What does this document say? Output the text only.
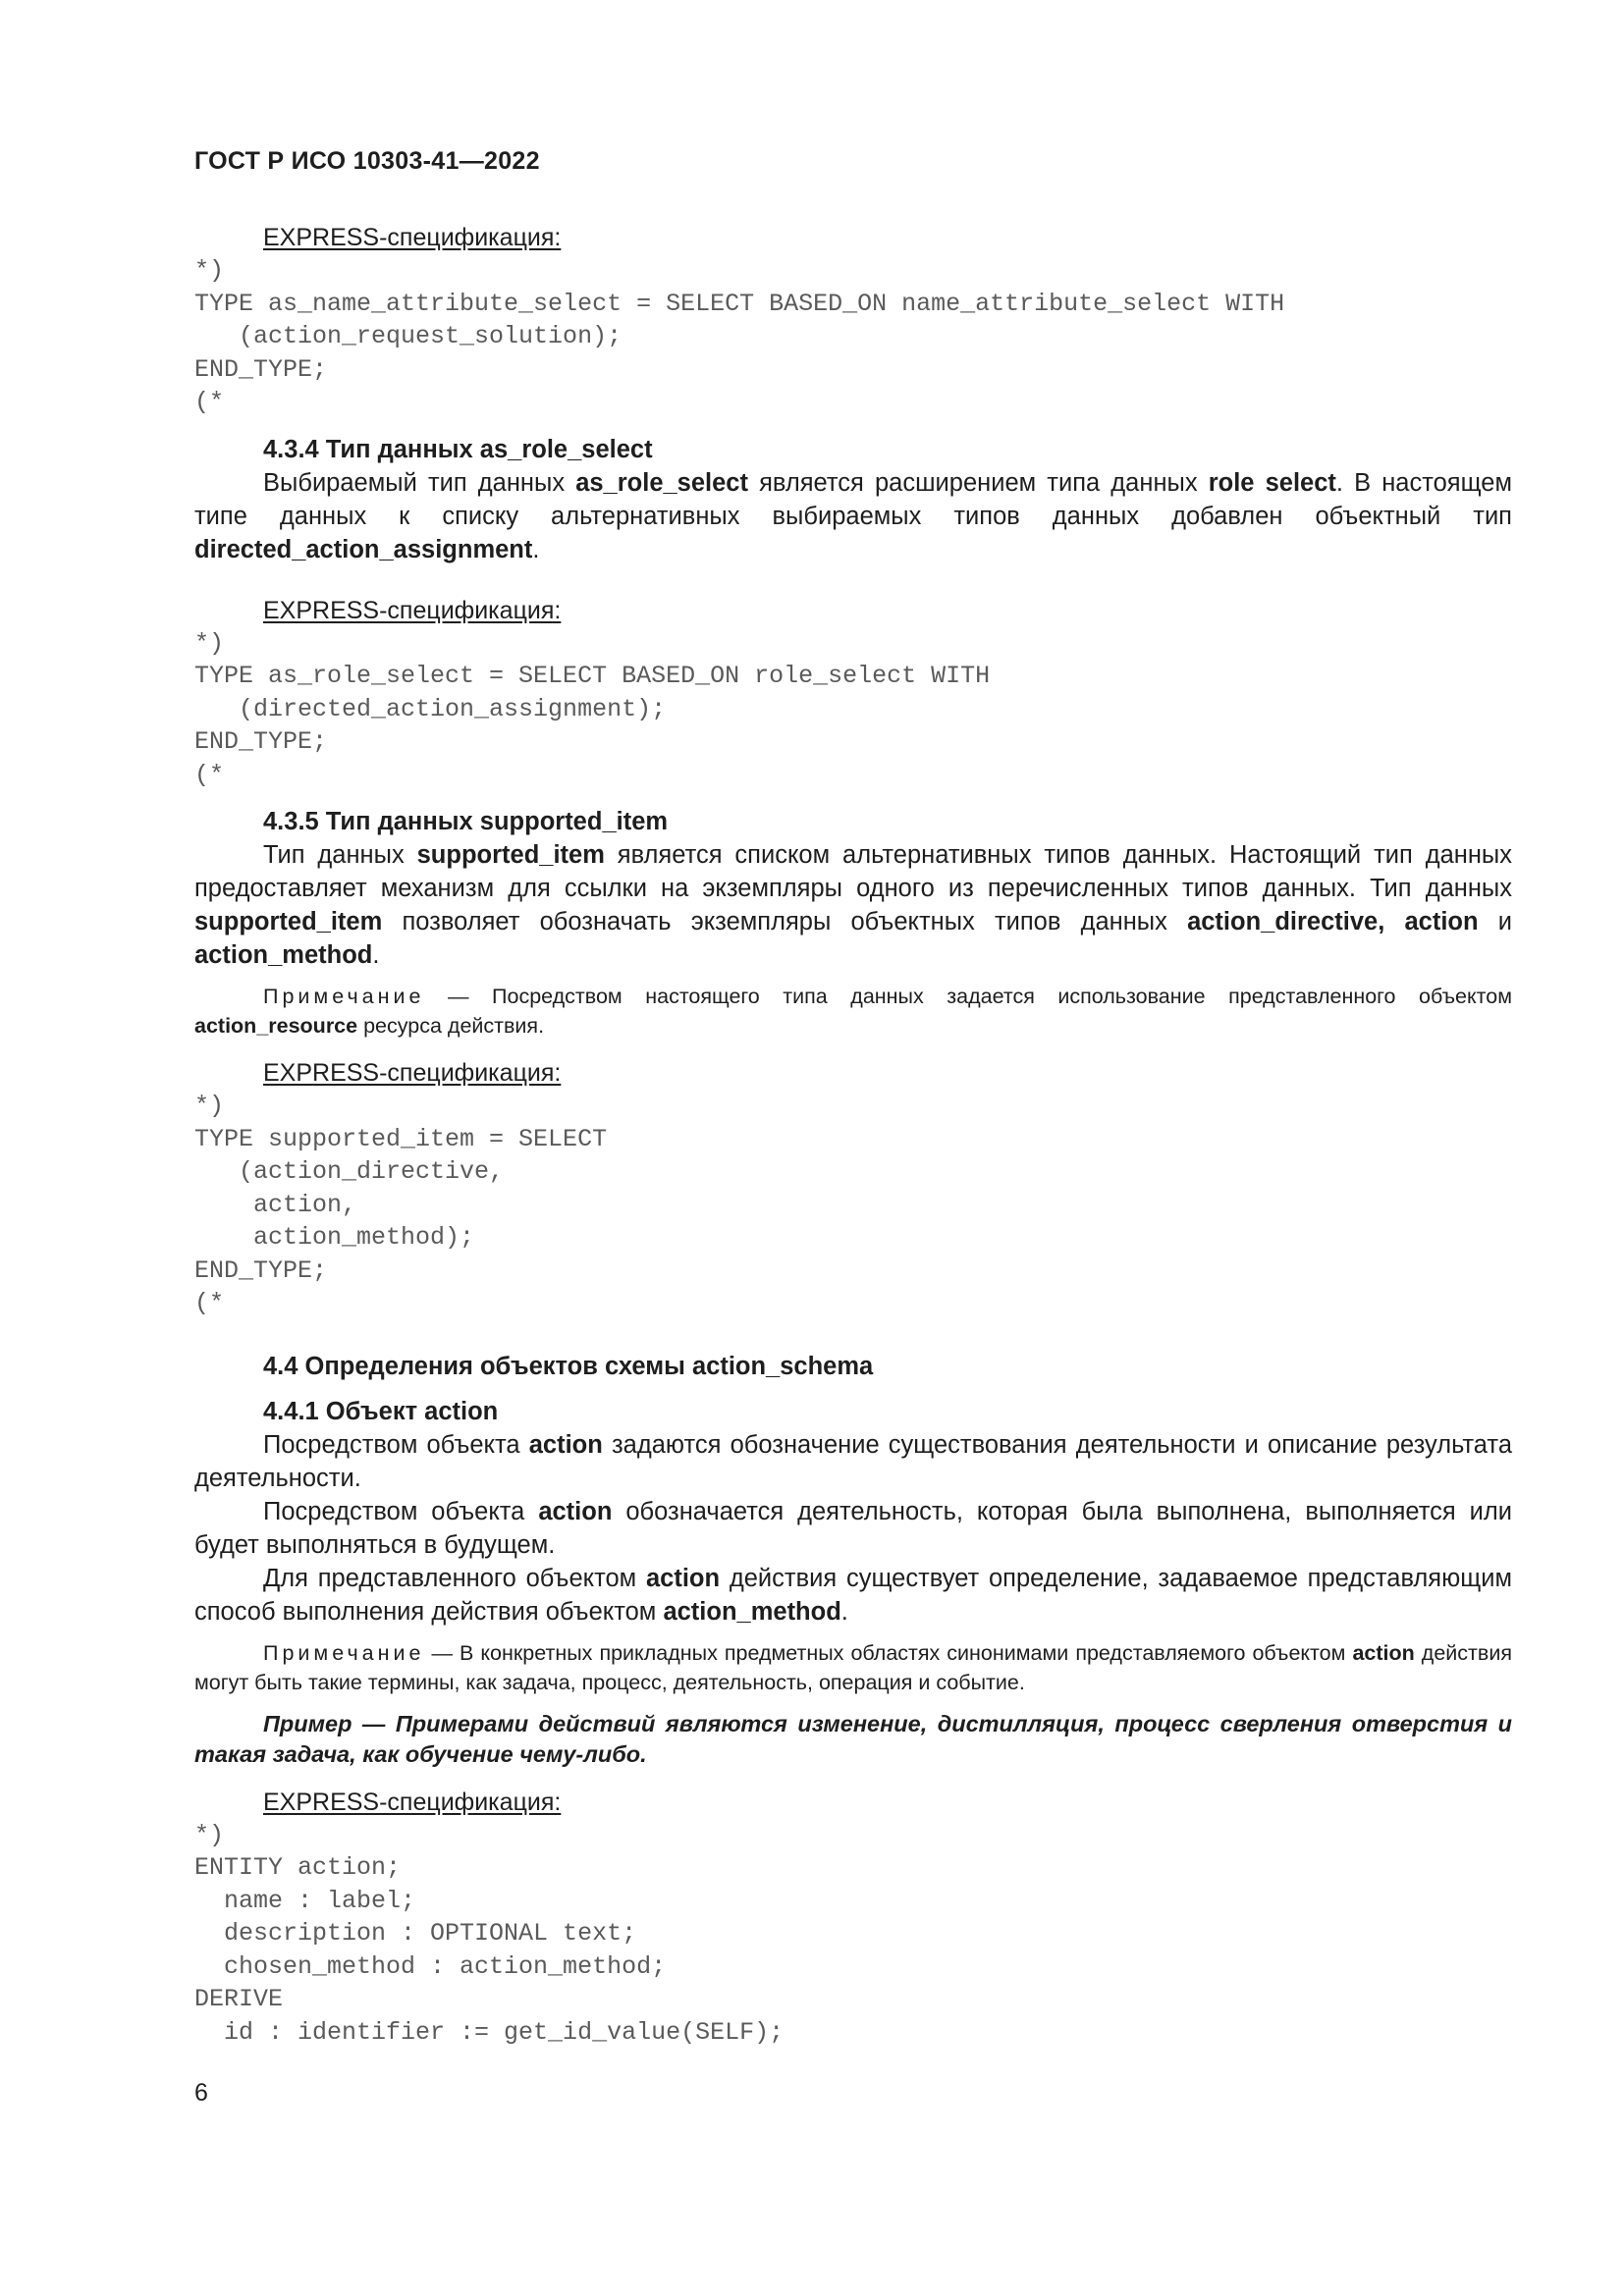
ГОСТ Р ИСО 10303-41—2022

EXPRESS-спецификация:

*)
TYPE as_name_attribute_select = SELECT BASED_ON name_attribute_select WITH
(action_request_solution);
END_TYPE;
(*

4.3.4 Тип данных as_role_select

Выбираемый тип данных as_role_select является расширением типа данных role select. В настоящем типе данных к списку альтернативных выбираемых типов данных добавлен объектный тип directed_action_assignment.

EXPRESS-спецификация:

*)
TYPE as_role_select = SELECT BASED_ON role_select WITH
(directed_action_assignment);
END_TYPE;
(*

4.3.5 Тип данных supported_item

Тип данных supported_item является списком альтернативных типов данных. Настоящий тип данных предоставляет механизм для ссылки на экземпляры одного из перечисленных типов данных. Тип данных supported_item позволяет обозначать экземпляры объектных типов данных action_directive, action и action_method.

Примечание — Посредством настоящего типа данных задается использование представленного объектом action_resource ресурса действия.

EXPRESS-спецификация:

*)
TYPE supported_item = SELECT
(action_directive,
action,
action_method);
END_TYPE;
(*

4.4 Определения объектов схемы action_schema

4.4.1 Объект action

Посредством объекта action задаются обозначение существования деятельности и описание результата деятельности.

Посредством объекта action обозначается деятельность, которая была выполнена, выполняется или будет выполняться в будущем.

Для представленного объектом action действия существует определение, задаваемое представляющим способ выполнения действия объектом action_method.

Примечание — В конкретных прикладных предметных областях синонимами представляемого объектом action действия могут быть такие термины, как задача, процесс, деятельность, операция и событие.

Пример — Примерами действий являются изменение, дистилляция, процесс сверления отверстия и такая задача, как обучение чему-либо.

EXPRESS-спецификация:

*)
ENTITY action;
name : label;
description : OPTIONAL text;
chosen_method : action_method;
DERIVE
id : identifier := get_id_value(SELF);
6
